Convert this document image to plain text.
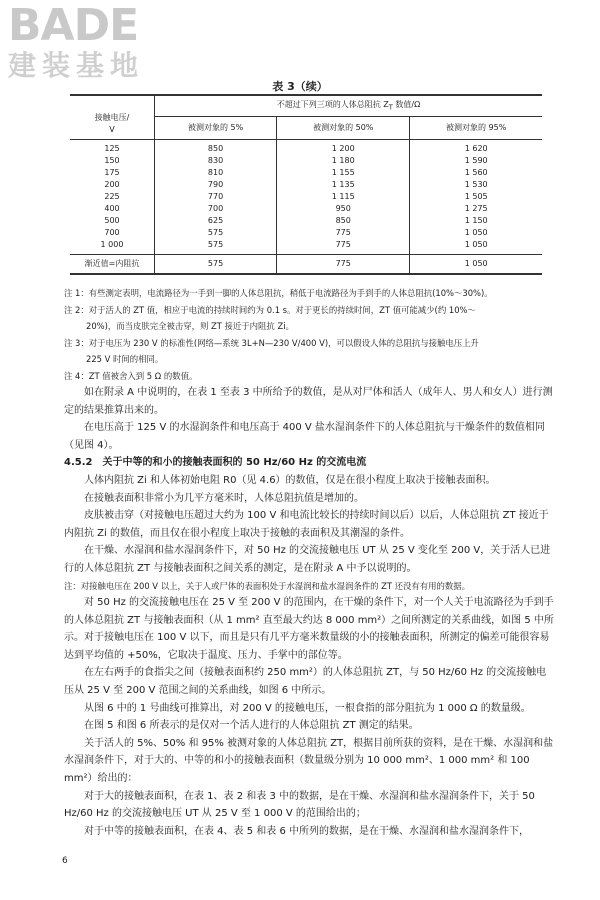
BADE
建装基地
表 3（续）

接触电压/
V	不超过下列三项的人体总阻抗 $Z_T$ 数值/Ω		
	被测对象的 5%	被测对象的 50%	被测对象的 95%
125	850	1 200	1 620
150	830	1 180	1 590
175	810	1 155	1 560
200	790	1 135	1 530
225	770	1 115	1 505
400	700	950	1 275
500	625	850	1 150
700	575	775	1 050
1 000	575	775	1 050
渐近值=内阻抗	575	775	1 050
注 1：有些测定表明，电流路径为一手到一脚的人体总阻抗，稍低于电流路径为手到手的人体总阻抗(10%～30%)。
注 2：对于活人的 ZT 值，相应于电流的持续时间约为 0.1 s。对于更长的持续时间，ZT 值可能减少(约 10%～
20%)，而当皮肤完全被击穿，则 ZT 接近于内阻抗 Zi。
注 3：对于电压为 230 V 的标准性(网络—系统 3L+N—230 V/400 V)，可以假设人体的总阻抗与接触电压上升
225 V 时间的相同。
注 4：ZT 值被舍入到 5 Ω 的数值。
如在附录 A 中说明的，在表 1 至表 3 中所给予的数值，是从对尸体和活人（成年人、男人和女人）进行测定的结果推算出来的。
在电压高于 125 V 的水湿润条件和电压高于 400 V 盐水湿润条件下的人体总阻抗与干燥条件的数值相同（见图 4）。
4.5.2　关于中等的和小的接触表面积的 50 Hz/60 Hz 的交流电流
人体内阻抗 Zi 和人体初始电阻 R0（见 4.6）的数值，仅是在很小程度上取决于接触表面积。
在接触表面积非常小为几平方毫米时，人体总阻抗值是增加的。
皮肤被击穿（对接触电压超过大约为 100 V 和电流比较长的持续时间以后）以后，人体总阻抗 ZT 接近于内阻抗 Zi 的数值，而且仅在很小程度上取决于接触的表面积及其潮湿的条件。
在干燥、水湿润和盐水湿润条件下，对 50 Hz 的交流接触电压 UT 从 25 V 变化至 200 V，关于活人已进行的人体总阻抗 ZT 与接触表面积之间关系的测定，是在附录 A 中予以说明的。
注：对接触电压在 200 V 以上，关于人或尸体的表面积处于水湿润和盐水湿润条件的 ZT 还没有有用的数据。
对 50 Hz 的交流接触电压在 25 V 至 200 V 的范围内，在干燥的条件下，对一个人关于电流路径为手到手的人体总阻抗 ZT 与接触表面积（从 1 mm² 直至最大约达 8 000 mm²）之间所测定的关系曲线，如图 5 中所示。对于接触电压在 100 V 以下，而且是只有几平方毫米数量级的小的接触表面积，所测定的偏差可能很容易达到平均值的 +50%，它取决于温度、压力、手掌中的部位等。
在左右两手的食指尖之间（接触表面积约 250 mm²）的人体总阻抗 ZT，与 50 Hz/60 Hz 的交流接触电压从 25 V 至 200 V 范围之间的关系曲线，如图 6 中所示。
从图 6 中的 1 号曲线可推算出，对 200 V 的接触电压，一根食指的部分阻抗为 1 000 Ω 的数量级。
在图 5 和图 6 所表示的是仅对一个活人进行的人体总阻抗 ZT 测定的结果。
关于活人的 5%、50% 和 95% 被测对象的人体总阻抗 ZT，根据目前所获的资料，是在干燥、水湿润和盐水湿润条件下，对于大的、中等的和小的接触表面积（数量级分别为 10 000 mm²、1 000 mm² 和 100 mm²）给出的：
对于大的接触表面积，在表 1、表 2 和表 3 中的数据，是在干燥、水湿润和盐水湿润条件下，关于 50 Hz/60 Hz 的交流接触电压 UT 从 25 V 至 1 000 V 的范围给出的；
对于中等的接触表面积，在表 4、表 5 和表 6 中所列的数据，是在干燥、水湿润和盐水湿润条件下，
6
